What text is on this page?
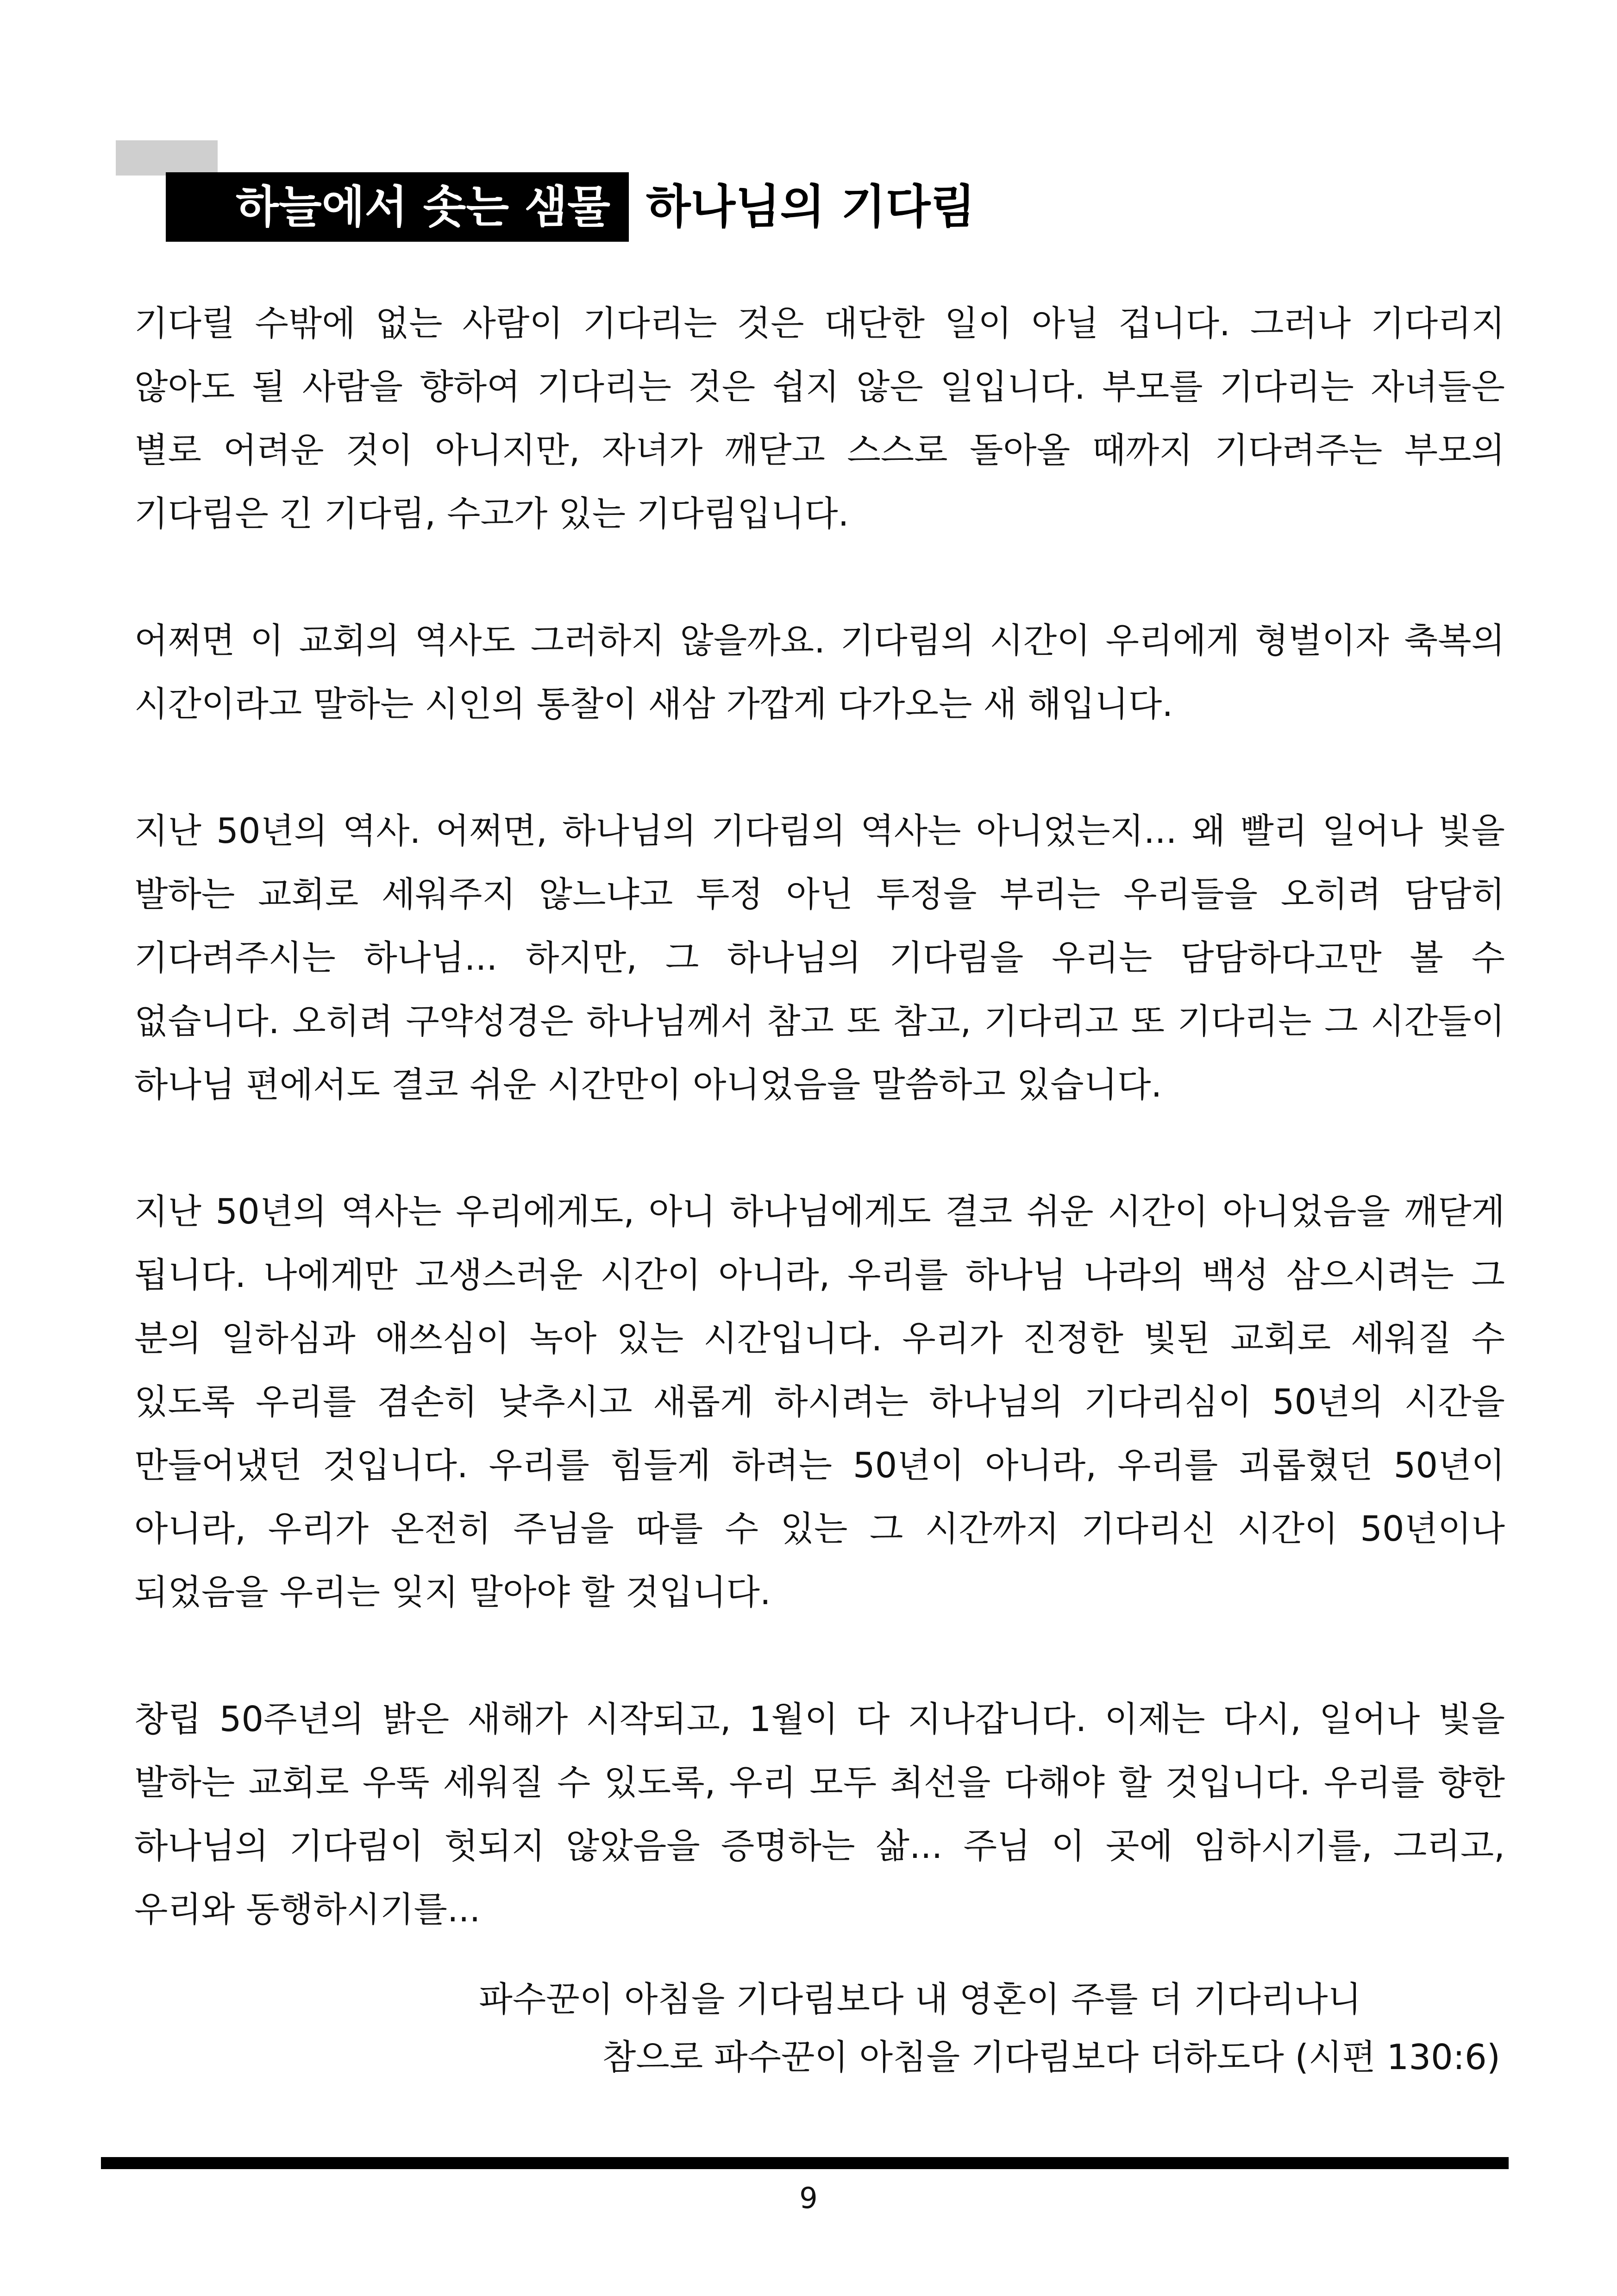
하늘에서 솟는 샘물 하나님의 기다림

기다릴 수밖에 없는 사람이 기다리는 것은 대단한 일이 아닐 겁니다. 그러나 기다리지 않아도 될 사람을 향하여 기다리는 것은 쉽지 않은 일입니다. 부모를 기다리는 자녀들은 별로 어려운 것이 아니지만, 자녀가 깨닫고 스스로 돌아올 때까지 기다려주는 부모의 기다림은 긴 기다림, 수고가 있는 기다림입니다.

어쩌면 이 교회의 역사도 그러하지 않을까요. 기다림의 시간이 우리에게 형벌이자 축복의 시간이라고 말하는 시인의 통찰이 새삼 가깝게 다가오는 새 해입니다.

지난 50년의 역사. 어쩌면, 하나님의 기다림의 역사는 아니었는지... 왜 빨리 일어나 빛을 발하는 교회로 세워주지 않느냐고 투정 아닌 투정을 부리는 우리들을 오히려 담담히 기다려주시는 하나님... 하지만, 그 하나님의 기다림을 우리는 담담하다고만 볼 수 없습니다. 오히려 구약성경은 하나님께서 참고 또 참고, 기다리고 또 기다리는 그 시간들이 하나님 편에서도 결코 쉬운 시간만이 아니었음을 말씀하고 있습니다.

지난 50년의 역사는 우리에게도, 아니 하나님에게도 결코 쉬운 시간이 아니었음을 깨닫게 됩니다. 나에게만 고생스러운 시간이 아니라, 우리를 하나님 나라의 백성 삼으시려는 그 분의 일하심과 애쓰심이 녹아 있는 시간입니다. 우리가 진정한 빛된 교회로 세워질 수 있도록 우리를 겸손히 낮추시고 새롭게 하시려는 하나님의 기다리심이 50년의 시간을 만들어냈던 것입니다. 우리를 힘들게 하려는 50년이 아니라, 우리를 괴롭혔던 50년이 아니라, 우리가 온전히 주님을 따를 수 있는 그 시간까지 기다리신 시간이 50년이나 되었음을 우리는 잊지 말아야 할 것입니다.

창립 50주년의 밝은 새해가 시작되고, 1월이 다 지나갑니다. 이제는 다시, 일어나 빛을 발하는 교회로 우뚝 세워질 수 있도록, 우리 모두 최선을 다해야 할 것입니다. 우리를 향한 하나님의 기다림이 헛되지 않았음을 증명하는 삶... 주님 이 곳에 임하시기를, 그리고, 우리와 동행하시기를...

파수꾼이 아침을 기다림보다 내 영혼이 주를 더 기다리나니
참으로 파수꾼이 아침을 기다림보다 더하도다 (시편 130:6)
9
